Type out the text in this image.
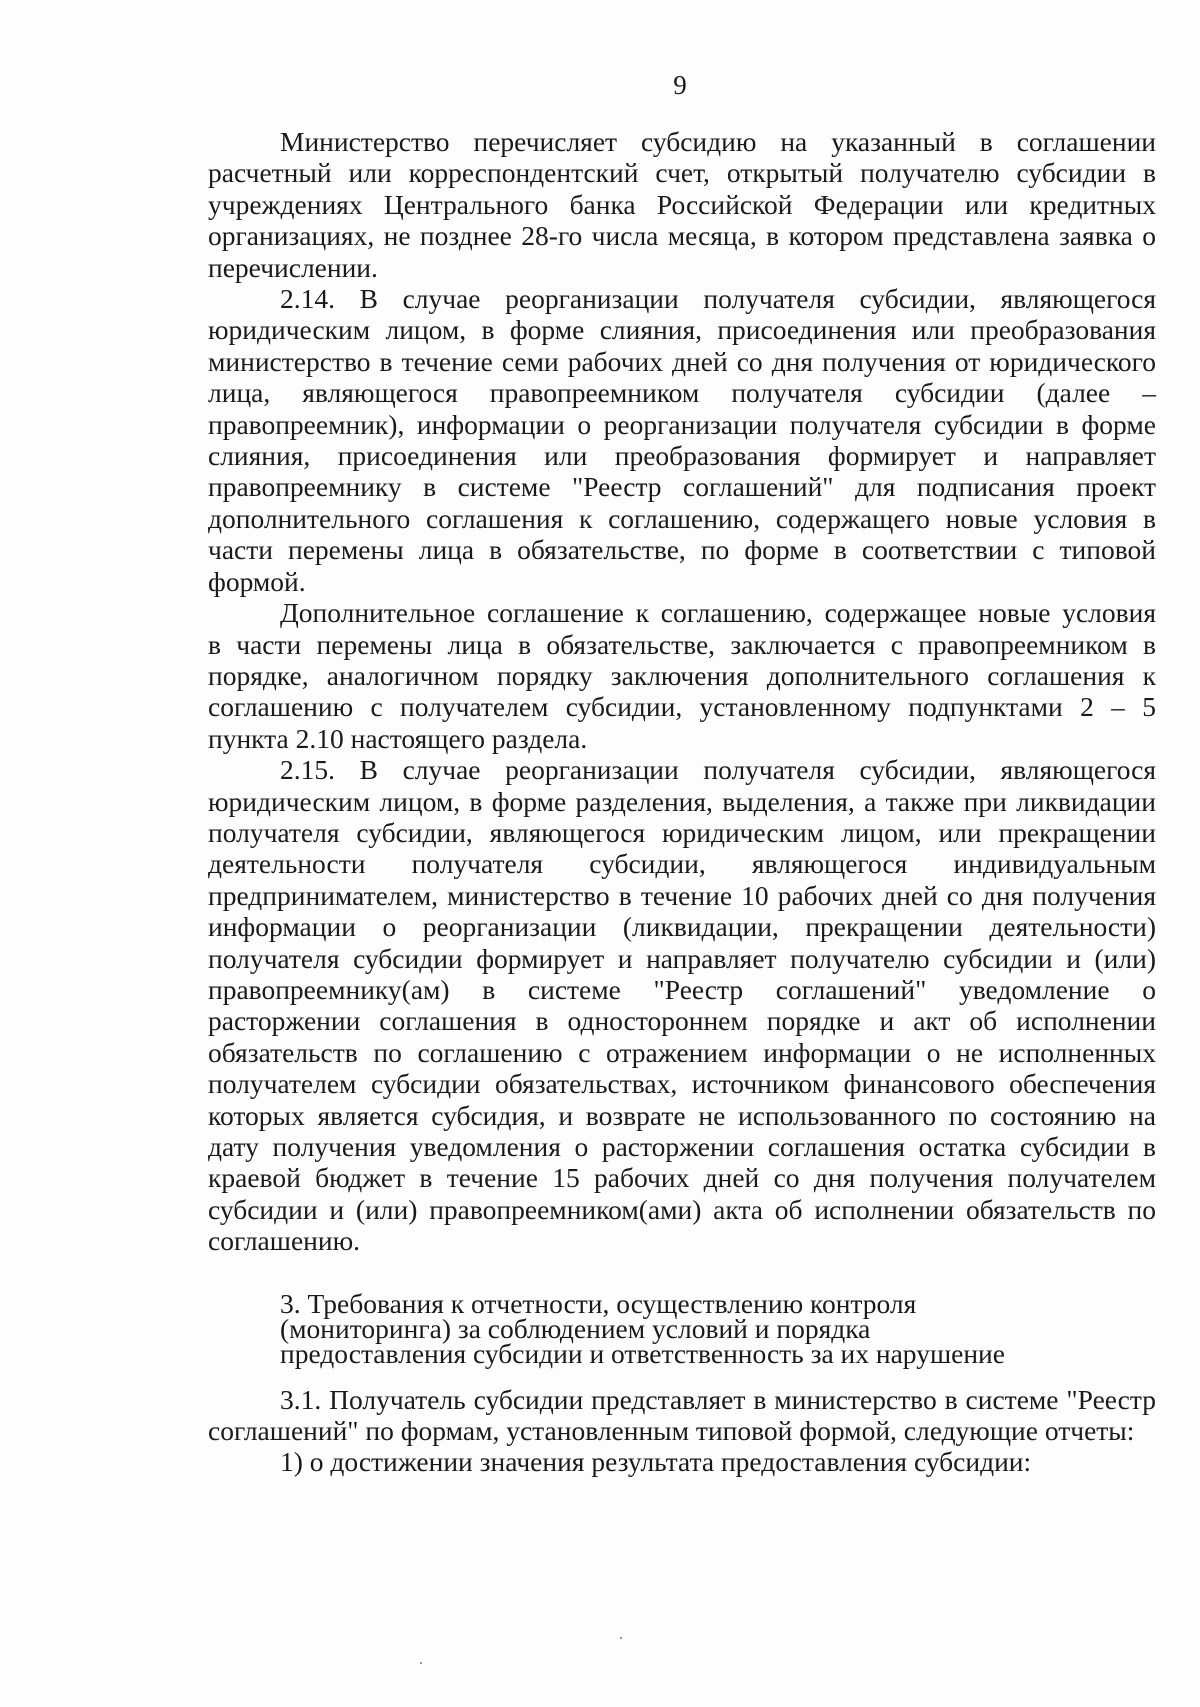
9

Министерство перечисляет субсидию на указанный в соглашении расчетный или корреспондентский счет, открытый получателю субсидии в учреждениях Центрального банка Российской Федерации или кредитных организациях, не позднее 28-го числа месяца, в котором представлена заявка о перечислении.

2.14. В случае реорганизации получателя субсидии, являющегося юридическим лицом, в форме слияния, присоединения или преобразования министерство в течение семи рабочих дней со дня получения от юридического лица, являющегося правопреемником получателя субсидии (далее – правопреемник), информации о реорганизации получателя субсидии в форме слияния, присоединения или преобразования формирует и направляет правопреемнику в системе "Реестр соглашений" для подписания проект дополнительного соглашения к соглашению, содержащего новые условия в части перемены лица в обязательстве, по форме в соответствии с типовой формой.

Дополнительное соглашение к соглашению, содержащее новые условия

в части перемены лица в обязательстве, заключается с правопреемником в порядке, аналогичном порядку заключения дополнительного соглашения к соглашению с получателем субсидии, установленному подпунктами 2 – 5 пункта 2.10 настоящего раздела.

2.15. В случае реорганизации получателя субсидии, являющегося юридическим лицом, в форме разделения, выделения, а также при ликвидации получателя субсидии, являющегося юридическим лицом, или прекращении деятельности получателя субсидии, являющегося индивидуальным предпринимателем, министерство в течение 10 рабочих дней со дня получения информации о реорганизации (ликвидации, прекращении деятельности) получателя субсидии формирует и направляет получателю субсидии и (или) правопреемнику(ам) в системе "Реестр соглашений" уведомление о расторжении соглашения в одностороннем порядке и акт об исполнении обязательств по соглашению с отражением информации о не исполненных получателем субсидии обязательствах, источником финансового обеспечения которых является субсидия, и возврате не использованного по состоянию на дату получения уведомления о расторжении соглашения остатка субсидии в краевой бюджет в течение 15 рабочих дней со дня получения получателем субсидии и (или) правопреемником(ами) акта об исполнении обязательств по соглашению.

3. Требования к отчетности, осуществлению контроля
(мониторинга) за соблюдением условий и порядка
предоставления субсидии и ответственность за их нарушение

3.1. Получатель субсидии представляет в министерство в системе "Реестр соглашений" по формам, установленным типовой формой, следующие отчеты:

1) о достижении значения результата предоставления субсидии:
